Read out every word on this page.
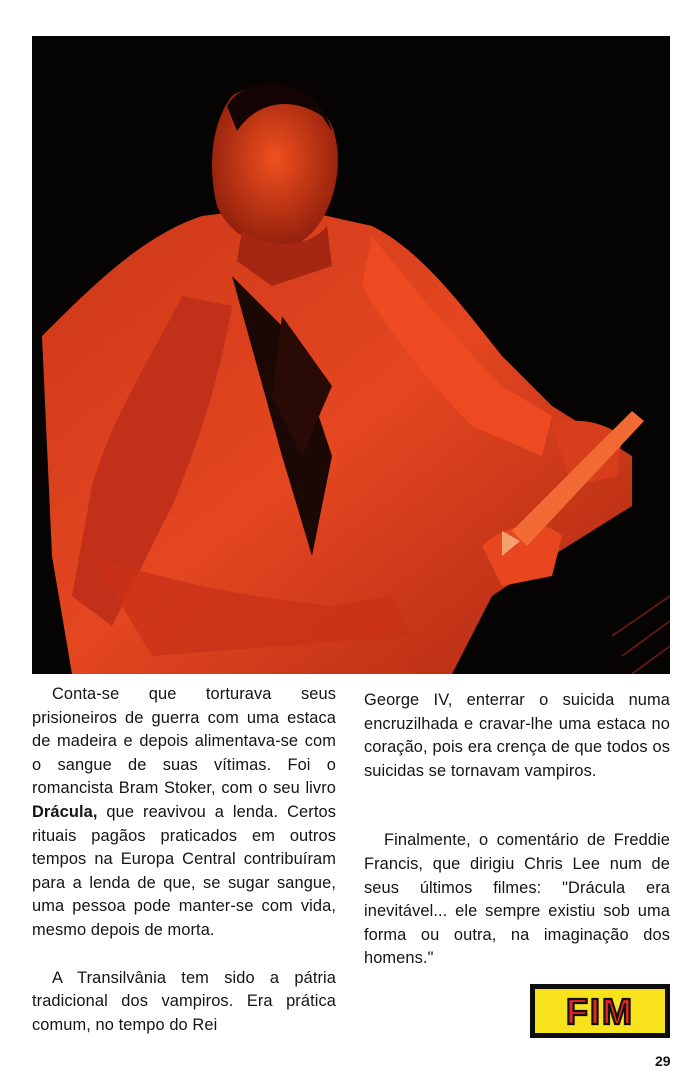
Conta-se que torturava seus prisioneiros de guerra com uma estaca de madeira e depois alimentava-se com o sangue de suas vítimas. Foi o romancista Bram Stoker, com o seu livro Drácula, que reavivou a lenda. Certos rituais pagãos praticados em outros tempos na Europa Central contribuíram para a lenda de que, se sugar sangue, uma pessoa pode manter-se com vida, mesmo depois de morta.

A Transilvânia tem sido a pátria tradicional dos vampiros. Era prática comum, no tempo do Rei

George IV, enterrar o suicida numa encruzilhada e cravar-lhe uma estaca no coração, pois era crença de que todos os suicidas se tornavam vampiros.

Finalmente, o comentário de Freddie Francis, que dirigiu Chris Lee num de seus últimos filmes: "Drácula era inevitável... ele sempre existiu sob uma forma ou outra, na imaginação dos homens."

FIM
29
